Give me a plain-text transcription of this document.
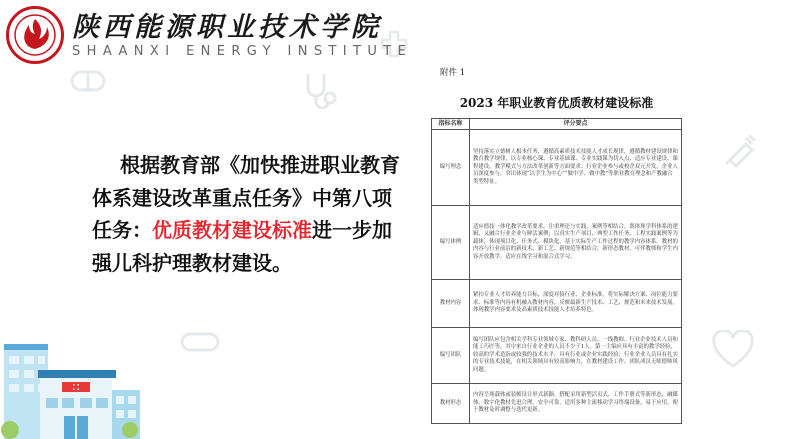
陕西能源职业技术学院
SHAANXI ENERGY INSTITUTE
根据教育部《加快推进职业教育体系建设改革重点任务》中第八项任务：优质教材建设标准进一步加强儿科护理教材建设。
附件 1
2023 年职业教育优质教材建设标准
指标名称	评分要点
编写理念	坚持落实立德树人根本任务，遵循高素质技术技能人才成长规律，遵循教材建设规律和教育教学规律，以专业核心课、专业基础课、专业实践课为切入点，适应专业建设、课程建设、教学模式与方法改革创新等方面要求；行业企业参与或校企双元开发，企业人员深度参与，突出体现“以学生为中心”“做中学、做中教”等职业教育理念和产教融合类型特征。
编写体例	适应德技一体化教学改革要求，注重理论与实践、案例等相结合，既体现学科体系的逻辑，又融合行业企业与鲜活案例；以真实生产项目、典型工作任务、工程实践案例等为载体，体现项目化、任务式、模块化，基于实际生产工作过程的教学内容体系。教材的内容与行业前沿的新技术、新工艺、新规范等相结合，新形态教材、可伴教师和学生内容开放教学、适应在线学习和混合式学习。
教材内容	紧扣专业人才培养能力目标，深度对接行业、企业标准，将实际解决方案、岗位能力要求、标准等内容有机融入教材内容，反映最新生产技术、工艺、规范和未来技术发展。体现教学内容要求及高素质技术技能人才培养特色。
编写团队	编写团队应包含相关学科专业领域专家、教科研人员、一线教师、行业企业技术人员和能工巧匠等，其中来自行业企业的人员不少于1人。第一主编应具有丰富的教学经验，较高的学术造诣或较强的技术水平，具有行业或企业实践经验；行业企业人员具有扎实的专业技术技能，在相关领域具有较高影响力，在教材建设工作、团队成员无师德师风问题。
教材形态	内容呈现载体或装帧设计形式新颖、搭配采用新型活页式、工作手册式等新形态；融媒体、数字化教材先进合理，安全可靠，适用多种主流移动学习终端设备，易于应用，便于教材及时调整与迭代更新。
